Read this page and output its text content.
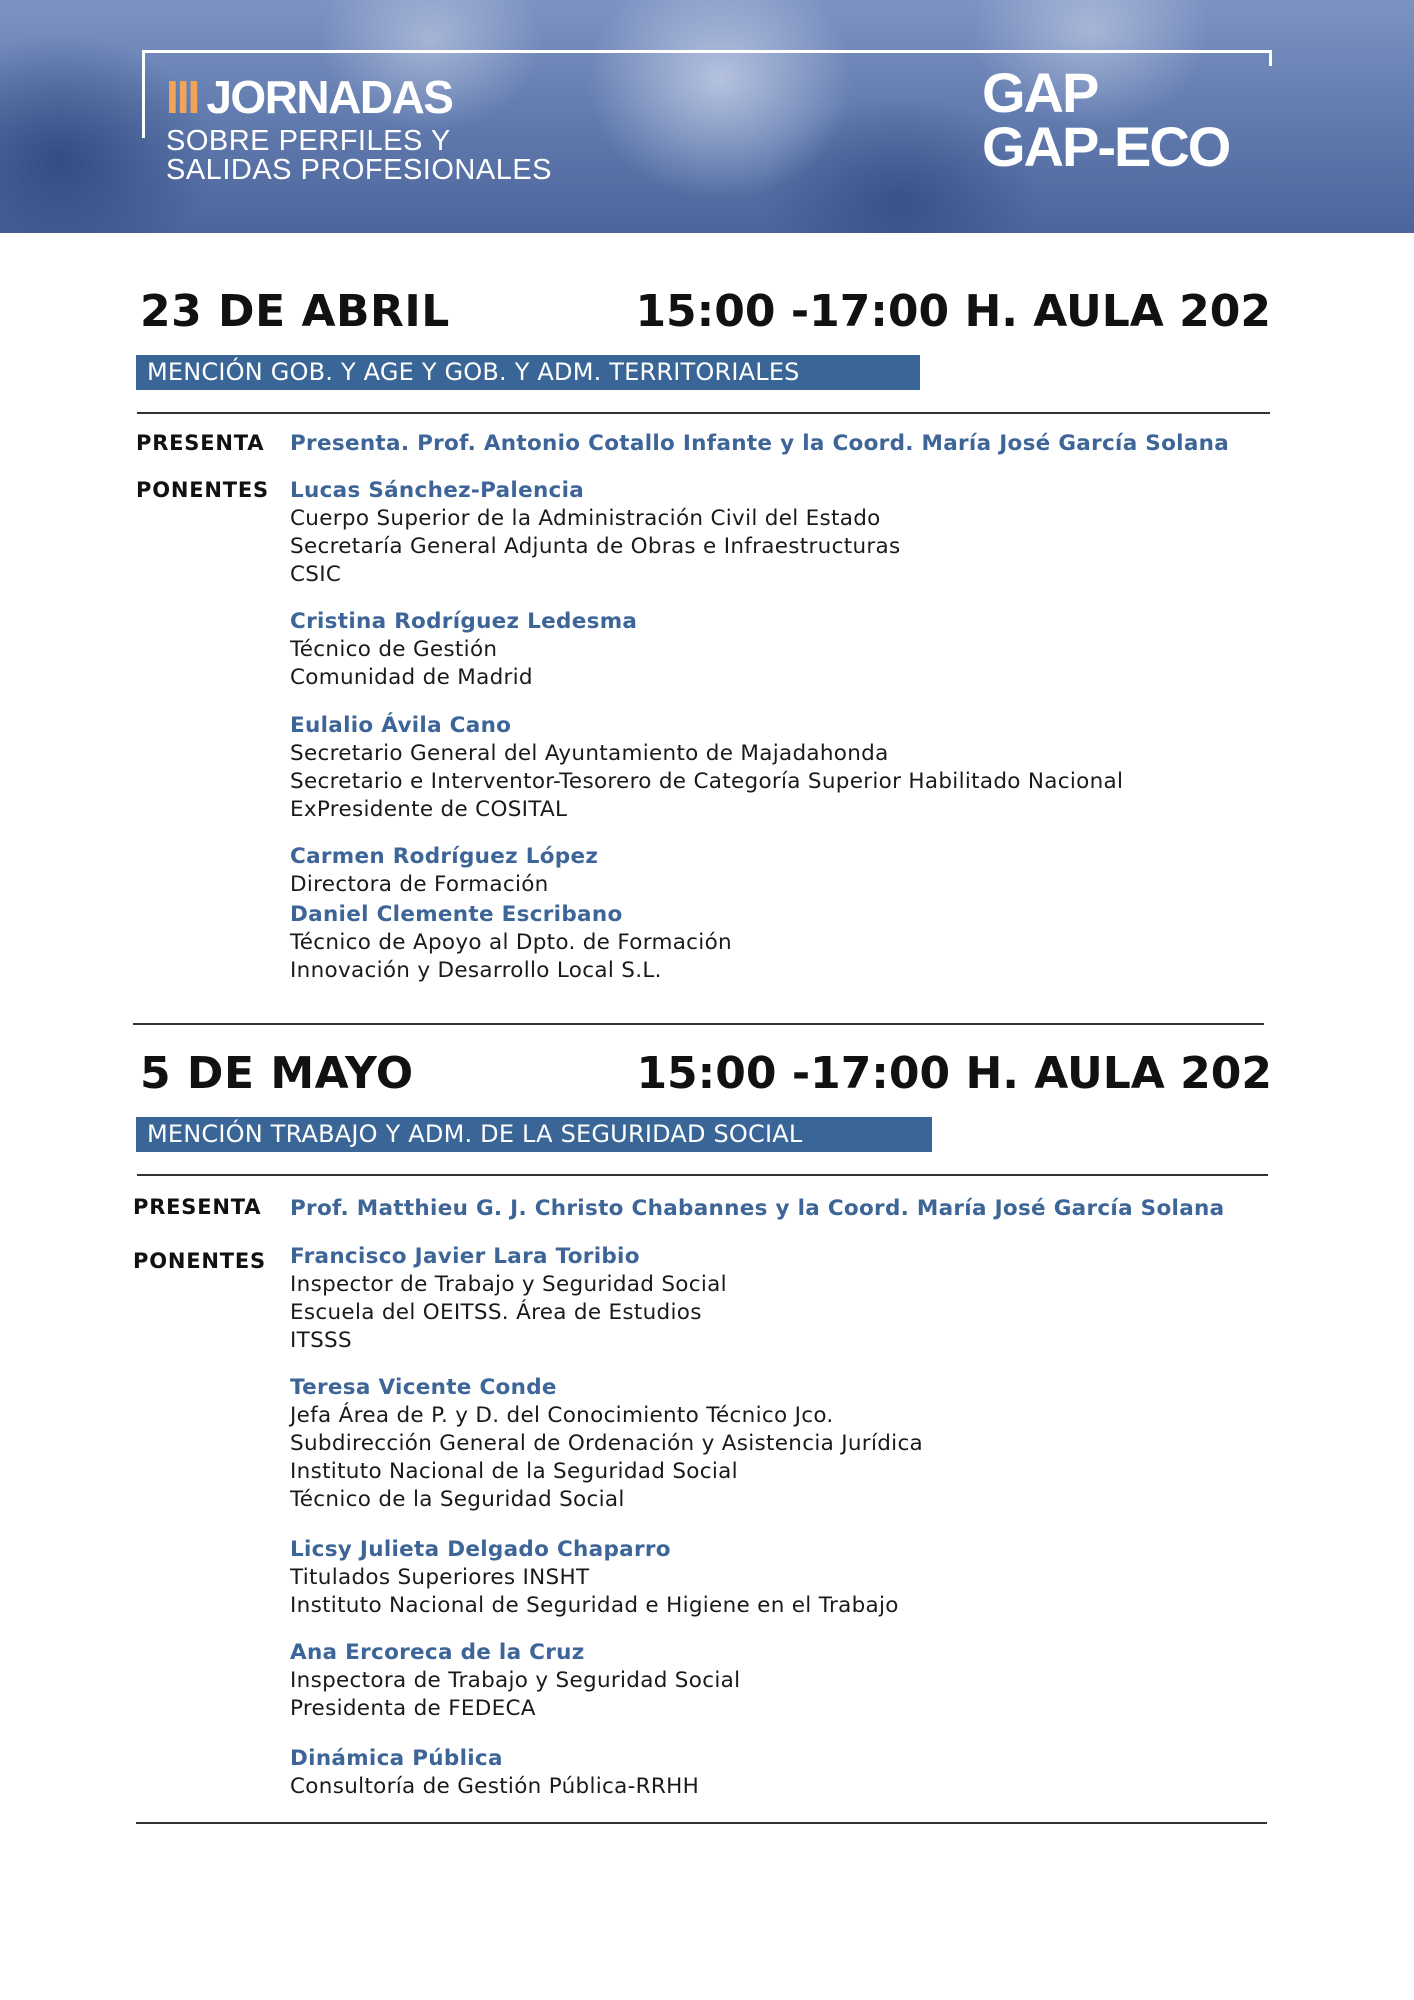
III JORNADAS
SOBRE PERFILES Y
SALIDAS PROFESIONALES
GAP
GAP-ECO
23 DE ABRIL	15:00 -17:00 H. AULA 202
MENCIÓN GOB. Y AGE Y GOB. Y ADM. TERRITORIALES
PRESENTA Presenta. Prof. Antonio Cotallo Infante y la Coord. María José García Solana
PONENTES Lucas Sánchez-Palencia
Cuerpo Superior de la Administración Civil del Estado
Secretaría General Adjunta de Obras e Infraestructuras
CSIC
Cristina Rodríguez Ledesma
Técnico de Gestión
Comunidad de Madrid
Eulalio Ávila Cano
Secretario General del Ayuntamiento de Majadahonda
Secretario e Interventor-Tesorero de Categoría Superior Habilitado Nacional
ExPresidente de COSITAL
Carmen Rodríguez López
Directora de Formación
Daniel Clemente Escribano
Técnico de Apoyo al Dpto. de Formación
Innovación y Desarrollo Local S.L.
5 DE MAYO	15:00 -17:00 H. AULA 202
MENCIÓN TRABAJO Y ADM. DE LA SEGURIDAD SOCIAL
PRESENTA Prof. Matthieu G. J. Christo Chabannes y la Coord. María José García Solana
PONENTES Francisco Javier Lara Toribio
Inspector de Trabajo y Seguridad Social
Escuela del OEITSS. Área de Estudios
ITSSS
Teresa Vicente Conde
Jefa Área de P. y D. del Conocimiento Técnico Jco.
Subdirección General de Ordenación y Asistencia Jurídica
Instituto Nacional de la Seguridad Social
Técnico de la Seguridad Social
Licsy Julieta Delgado Chaparro
Titulados Superiores INSHT
Instituto Nacional de Seguridad e Higiene en el Trabajo
Ana Ercoreca de la Cruz
Inspectora de Trabajo y Seguridad Social
Presidenta de FEDECA
Dinámica Pública
Consultoría de Gestión Pública-RRHH
